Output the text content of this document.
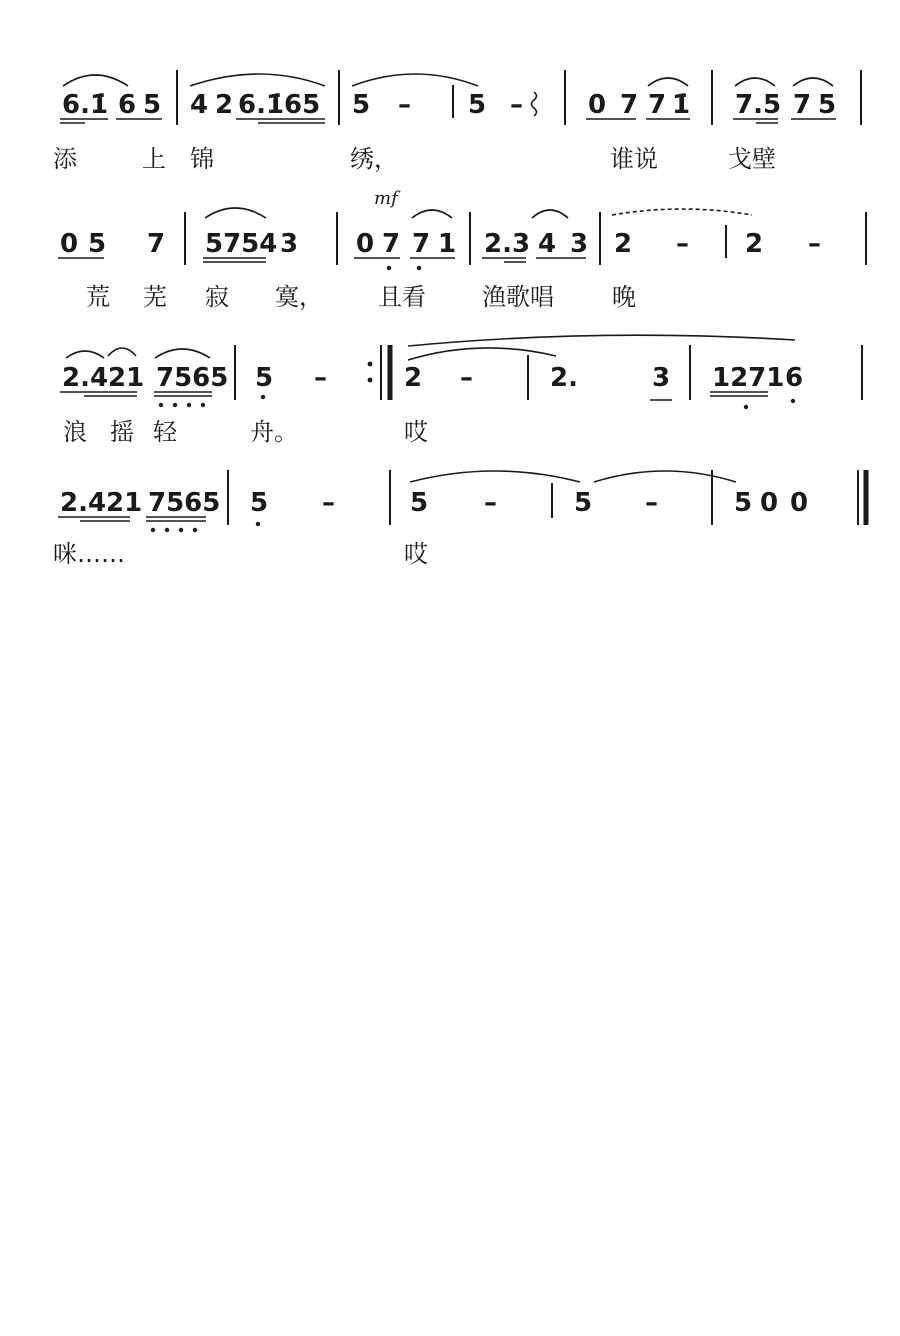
6.1̇ 6 5 4 2 6.1̇65 5 – 5 –	0 7 7 1̇ 7.5 7 5
添	上 锦	绣，	谁说	戈壁
mf
0 5 7 5754 3 0 7 7 1 2.3 4 3 2 – 2 –
荒 芜 寂 寞， 且看 渔歌唱 晚
2.421 7565 5 –	2 –	2.	3 1271 6
浪 摇 轻	舟。	哎
2.421 7565 5 –	5 –	5 –	5 0 0
咪……	哎
